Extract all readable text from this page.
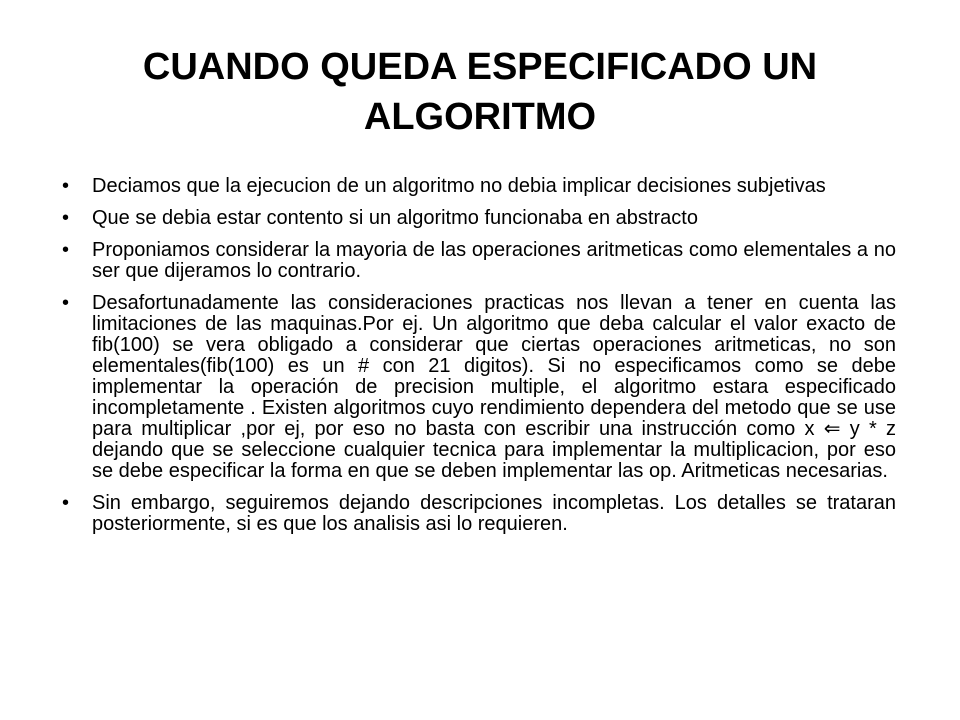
CUANDO QUEDA ESPECIFICADO UN
ALGORITMO
•	Deciamos que la ejecucion de un algoritmo no debia implicar decisiones subjetivas
•	Que se debia estar contento si un algoritmo funcionaba en abstracto
•	Proponiamos considerar la mayoria de las operaciones aritmeticas como elementales a no ser que dijeramos lo contrario.
•	Desafortunadamente las consideraciones practicas nos llevan a tener en cuenta las limitaciones de las maquinas.Por ej. Un algoritmo que deba calcular el valor exacto de fib(100) se vera obligado a considerar que ciertas operaciones aritmeticas, no son elementales(fib(100) es un # con 21 digitos). Si no especificamos como se debe implementar la operación de precision multiple, el algoritmo estara especificado incompletamente . Existen algoritmos cuyo rendimiento dependera del metodo que se use para multiplicar ,por ej, por eso no basta con escribir una instrucción como x ⇐ y * z dejando que se seleccione cualquier tecnica para implementar la multiplicacion, por eso se debe especificar la forma en que se deben implementar las op. Aritmeticas necesarias.
•	Sin embargo, seguiremos dejando descripciones incompletas. Los detalles se trataran posteriormente, si es que los analisis asi lo requieren.
